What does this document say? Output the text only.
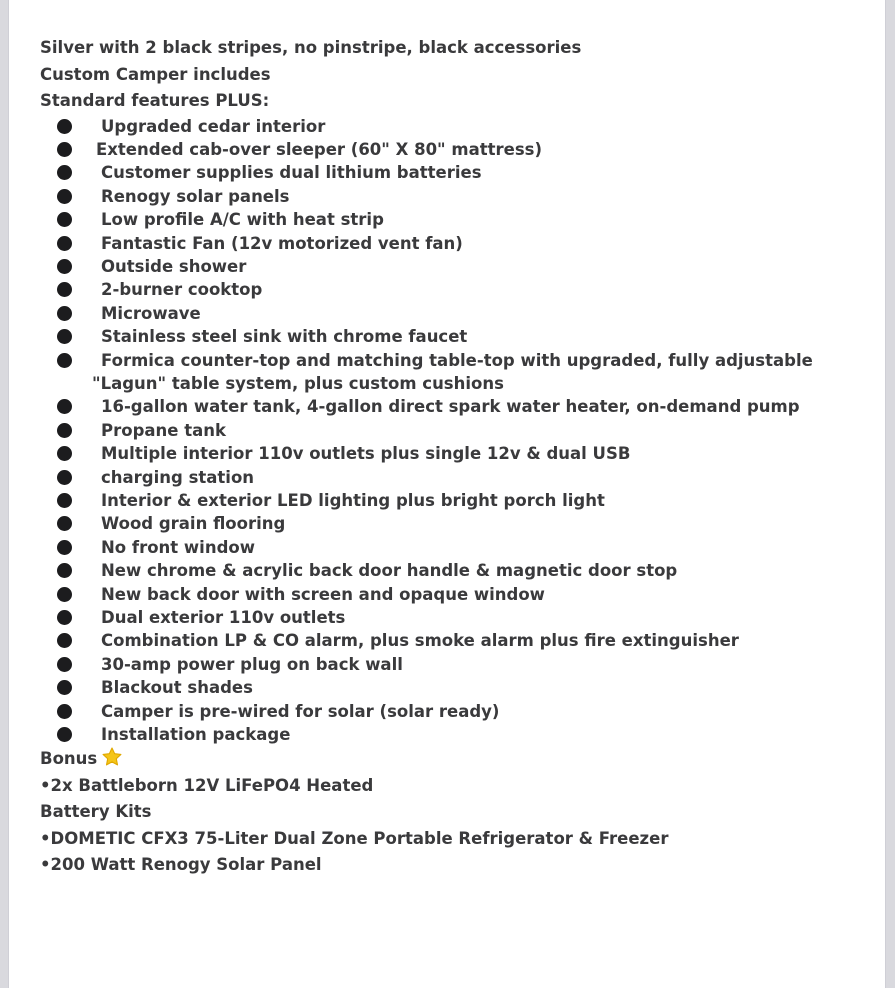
Silver with 2 black stripes, no pinstripe, black accessories
Custom Camper includes
Standard features PLUS:
Upgraded cedar interior
Extended cab-over sleeper (60" X 80" mattress)
Customer supplies dual lithium batteries
Renogy solar panels
Low profile A/C with heat strip
Fantastic Fan (12v motorized vent fan)
Outside shower
2-burner cooktop
Microwave
Stainless steel sink with chrome faucet
Formica counter-top and matching table-top with upgraded, fully adjustable "Lagun" table system, plus custom cushions
16-gallon water tank, 4-gallon direct spark water heater, on-demand pump
Propane tank
Multiple interior 110v outlets plus single 12v & dual USB
charging station
Interior & exterior LED lighting plus bright porch light
Wood grain flooring
No front window
New chrome & acrylic back door handle & magnetic door stop
New back door with screen and opaque window
Dual exterior 110v outlets
Combination LP & CO alarm, plus smoke alarm plus fire extinguisher
30-amp power plug on back wall
Blackout shades
Camper is pre-wired for solar (solar ready)
Installation package
Bonus
•2x Battleborn 12V LiFePO4 Heated
Battery Kits
•DOMETIC CFX3 75-Liter Dual Zone Portable Refrigerator & Freezer
•200 Watt Renogy Solar Panel
